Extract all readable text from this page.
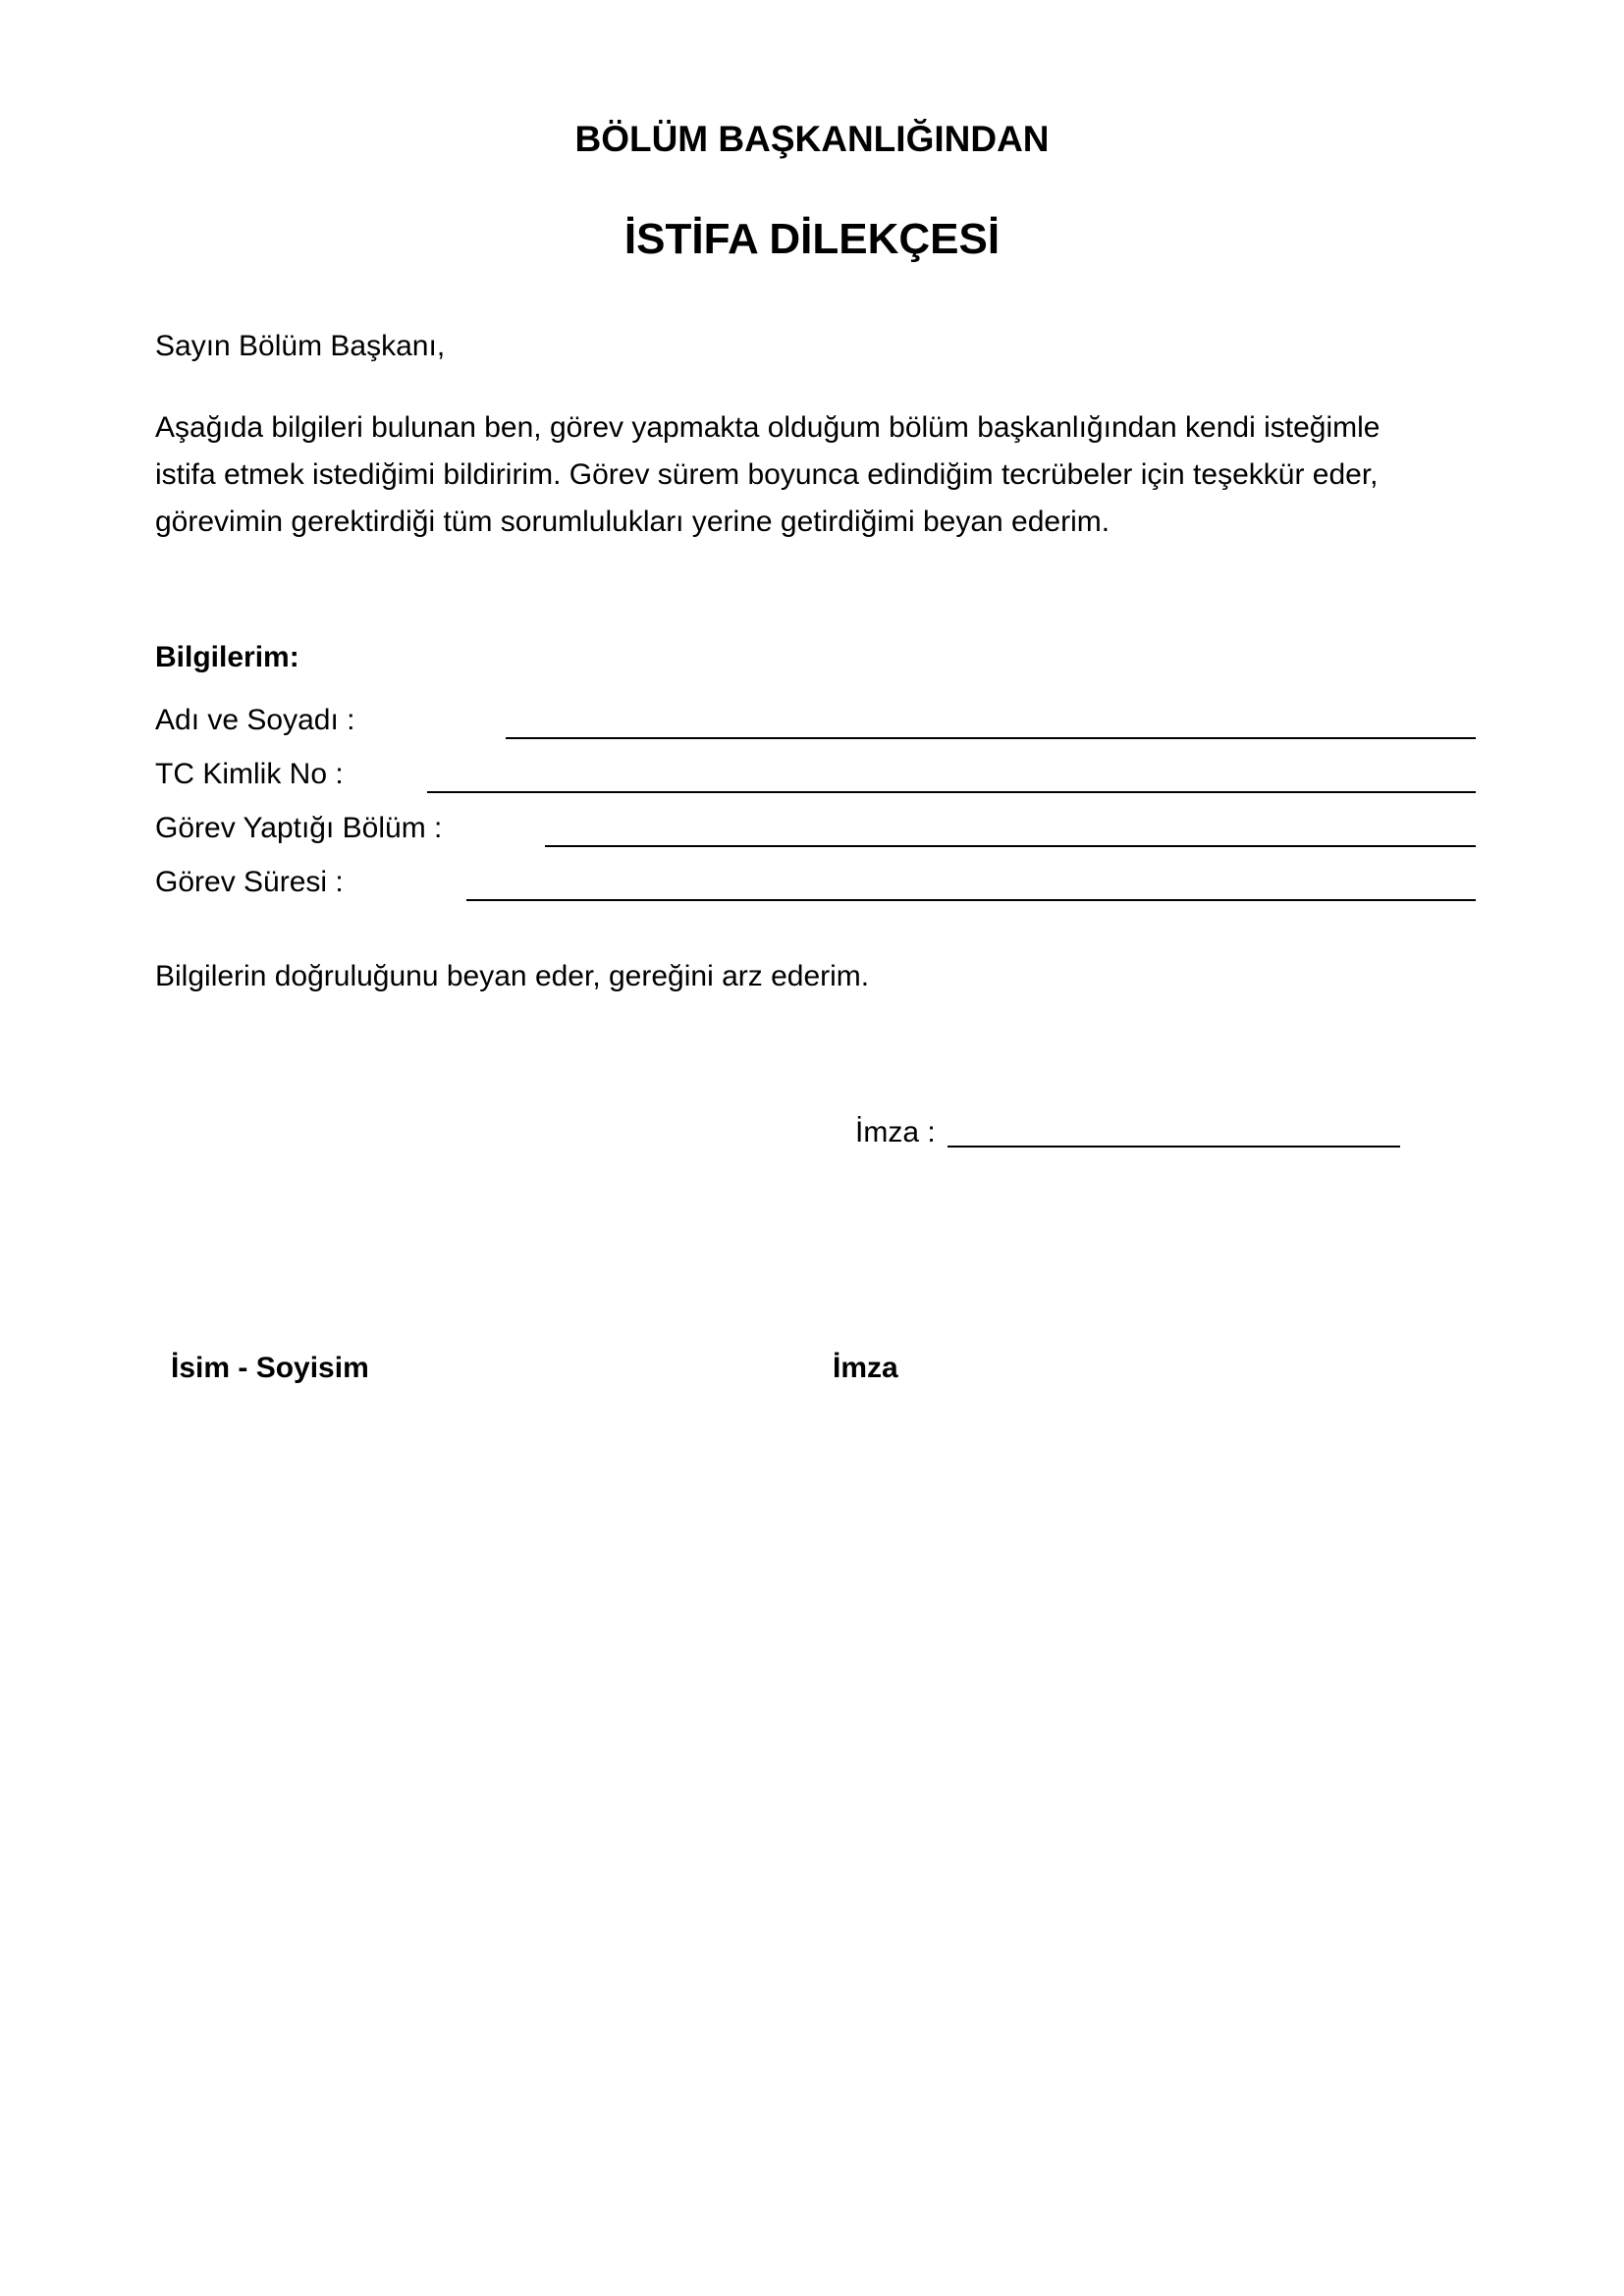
BÖLÜM BAŞKANLIĞINDAN
İSTİFA DİLEKÇESİ
Sayın Bölüm Başkanı,
Aşağıda bilgileri bulunan ben, görev yapmakta olduğum bölüm başkanlığından kendi isteğimle
istifa etmek istediğimi bildiririm. Görev sürem boyunca edindiğim tecrübeler için teşekkür eder,
görevimin gerektirdiği tüm sorumlulukları yerine getirdiğimi beyan ederim.
Bilgilerim:
Adı ve Soyadı :
TC Kimlik No :
Görev Yaptığı Bölüm :
Görev Süresi :
Bilgilerin doğruluğunu beyan eder, gereğini arz ederim.
İmza :
İsim - Soyisim	İmza
